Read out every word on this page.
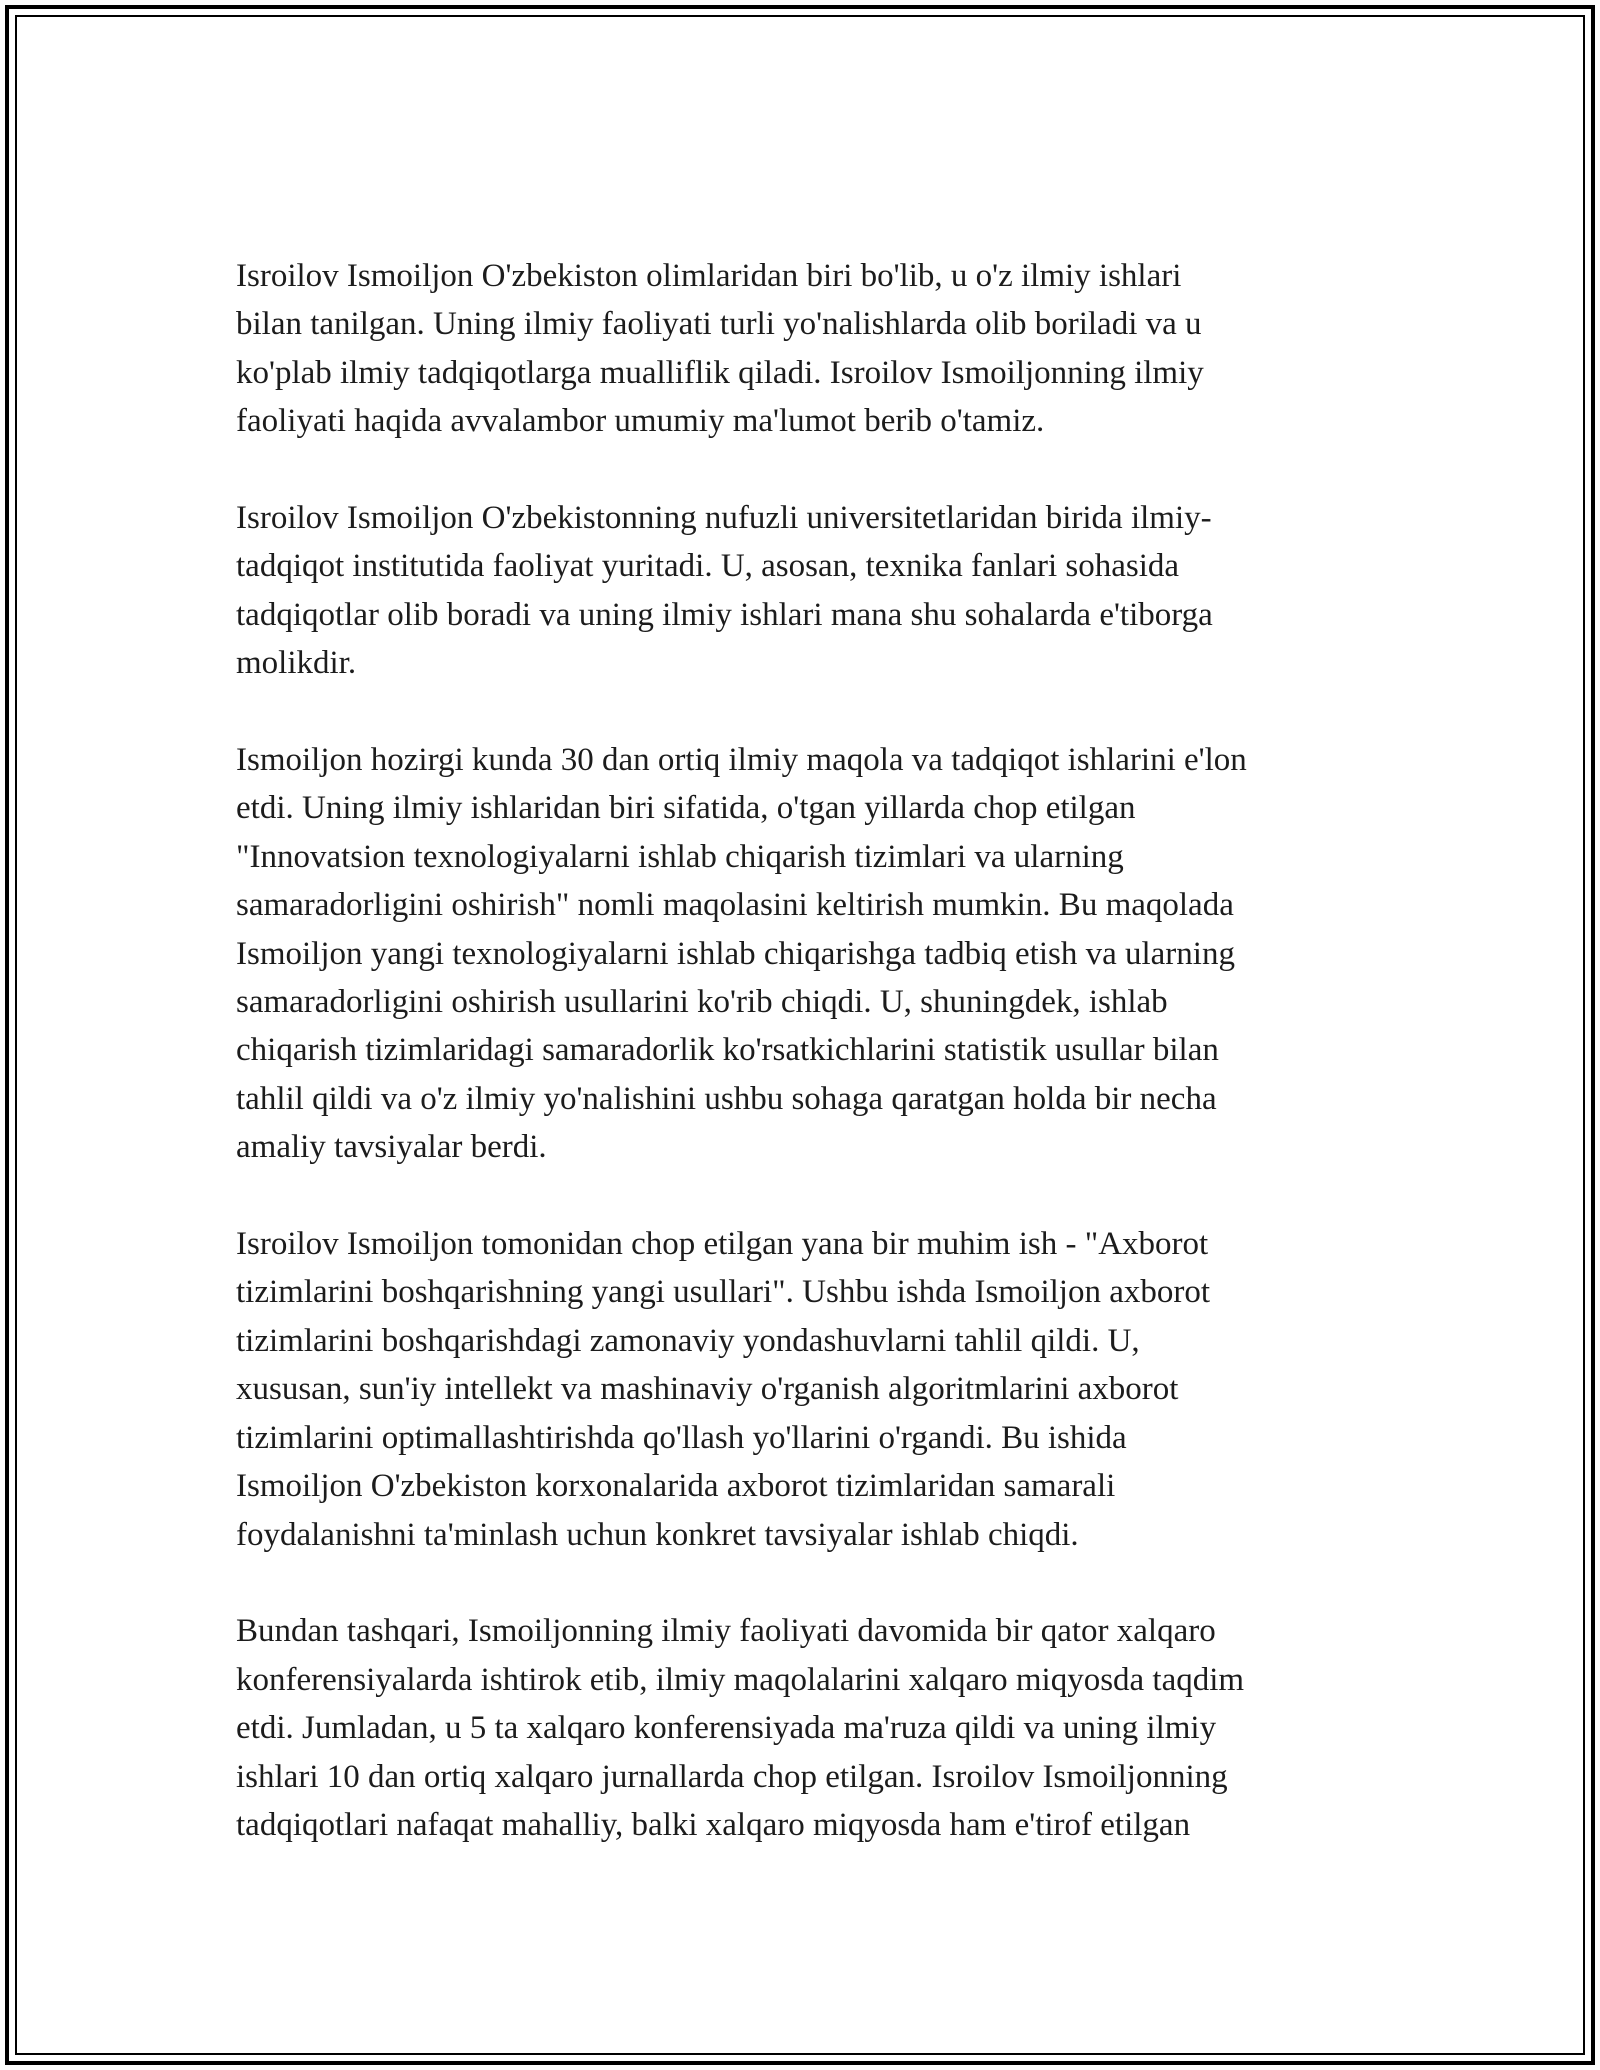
Isroilov Ismoiljon O'zbekiston olimlaridan biri bo'lib, u o'z ilmiy ishlari
bilan tanilgan. Uning ilmiy faoliyati turli yo'nalishlarda olib boriladi va u
ko'plab ilmiy tadqiqotlarga mualliflik qiladi. Isroilov Ismoiljonning ilmiy
faoliyati haqida avvalambor umumiy ma'lumot berib o'tamiz.

Isroilov Ismoiljon O'zbekistonning nufuzli universitetlaridan birida ilmiy-
tadqiqot institutida faoliyat yuritadi. U, asosan, texnika fanlari sohasida
tadqiqotlar olib boradi va uning ilmiy ishlari mana shu sohalarda e'tiborga
molikdir.

Ismoiljon hozirgi kunda 30 dan ortiq ilmiy maqola va tadqiqot ishlarini e'lon
etdi. Uning ilmiy ishlaridan biri sifatida, o'tgan yillarda chop etilgan
"Innovatsion texnologiyalarni ishlab chiqarish tizimlari va ularning
samaradorligini oshirish" nomli maqolasini keltirish mumkin. Bu maqolada
Ismoiljon yangi texnologiyalarni ishlab chiqarishga tadbiq etish va ularning
samaradorligini oshirish usullarini ko'rib chiqdi. U, shuningdek, ishlab
chiqarish tizimlaridagi samaradorlik ko'rsatkichlarini statistik usullar bilan
tahlil qildi va o'z ilmiy yo'nalishini ushbu sohaga qaratgan holda bir necha
amaliy tavsiyalar berdi.

Isroilov Ismoiljon tomonidan chop etilgan yana bir muhim ish - "Axborot
tizimlarini boshqarishning yangi usullari". Ushbu ishda Ismoiljon axborot
tizimlarini boshqarishdagi zamonaviy yondashuvlarni tahlil qildi. U,
xususan, sun'iy intellekt va mashinaviy o'rganish algoritmlarini axborot
tizimlarini optimallashtirishda qo'llash yo'llarini o'rgandi. Bu ishida
Ismoiljon O'zbekiston korxonalarida axborot tizimlaridan samarali
foydalanishni ta'minlash uchun konkret tavsiyalar ishlab chiqdi.

Bundan tashqari, Ismoiljonning ilmiy faoliyati davomida bir qator xalqaro
konferensiyalarda ishtirok etib, ilmiy maqolalarini xalqaro miqyosda taqdim
etdi. Jumladan, u 5 ta xalqaro konferensiyada ma'ruza qildi va uning ilmiy
ishlari 10 dan ortiq xalqaro jurnallarda chop etilgan. Isroilov Ismoiljonning
tadqiqotlari nafaqat mahalliy, balki xalqaro miqyosda ham e'tirof etilgan
